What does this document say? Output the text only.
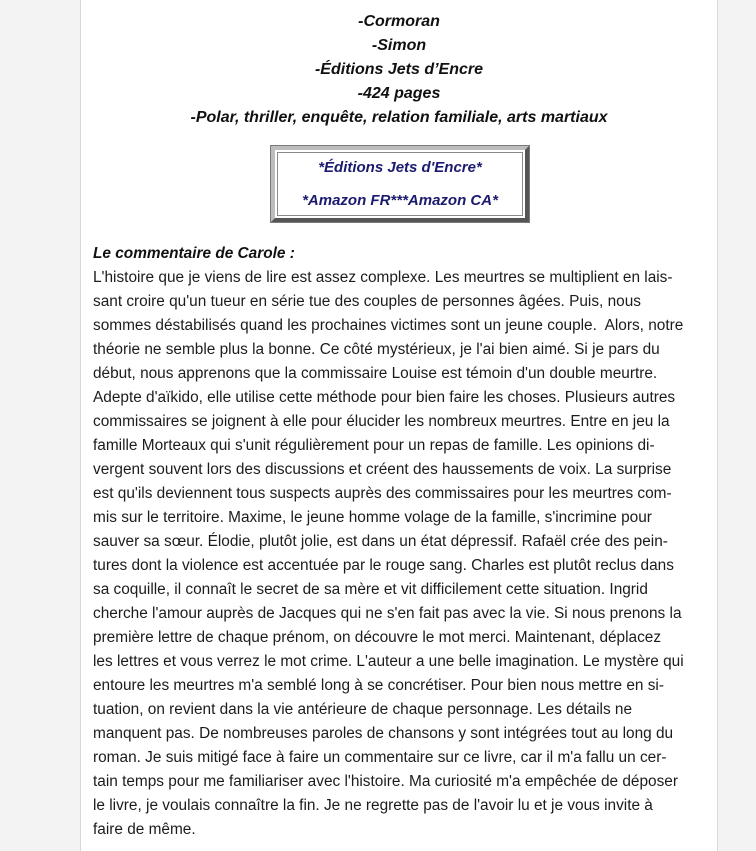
-Cormoran
-Simon
-Éditions Jets d’Encre
-424 pages
-Polar, thriller, enquête, relation familiale, arts martiaux
*Éditions Jets d'Encre*
*Amazon FR***Amazon CA*
Le commentaire de Carole :
L'histoire que je viens de lire est assez complexe. Les meurtres se multiplient en lais-
sant croire qu'un tueur en série tue des couples de personnes âgées. Puis, nous
sommes déstabilisés quand les prochaines victimes sont un jeune couple.  Alors, notre
théorie ne semble plus la bonne. Ce côté mystérieux, je l'ai bien aimé. Si je pars du
début, nous apprenons que la commissaire Louise est témoin d'un double meurtre.
Adepte d'aïkido, elle utilise cette méthode pour bien faire les choses. Plusieurs autres
commissaires se joignent à elle pour élucider les nombreux meurtres. Entre en jeu la
famille Morteaux qui s'unit régulièrement pour un repas de famille. Les opinions di-
vergent souvent lors des discussions et créent des haussements de voix. La surprise
est qu'ils deviennent tous suspects auprès des commissaires pour les meurtres com-
mis sur le territoire. Maxime, le jeune homme volage de la famille, s'incrimine pour
sauver sa sœur. Élodie, plutôt jolie, est dans un état dépressif. Rafaël crée des pein-
tures dont la violence est accentuée par le rouge sang. Charles est plutôt reclus dans
sa coquille, il connaît le secret de sa mère et vit difficilement cette situation. Ingrid
cherche l'amour auprès de Jacques qui ne s'en fait pas avec la vie. Si nous prenons la
première lettre de chaque prénom, on découvre le mot merci. Maintenant, déplacez
les lettres et vous verrez le mot crime. L'auteur a une belle imagination. Le mystère qui
entoure les meurtres m'a semblé long à se concrétiser. Pour bien nous mettre en si-
tuation, on revient dans la vie antérieure de chaque personnage. Les détails ne
manquent pas. De nombreuses paroles de chansons y sont intégrées tout au long du
roman. Je suis mitigé face à faire un commentaire sur ce livre, car il m'a fallu un cer-
tain temps pour me familiariser avec l'histoire. Ma curiosité m'a empêchée de déposer
le livre, je voulais connaître la fin. Je ne regrette pas de l'avoir lu et je vous invite à
faire de même.
